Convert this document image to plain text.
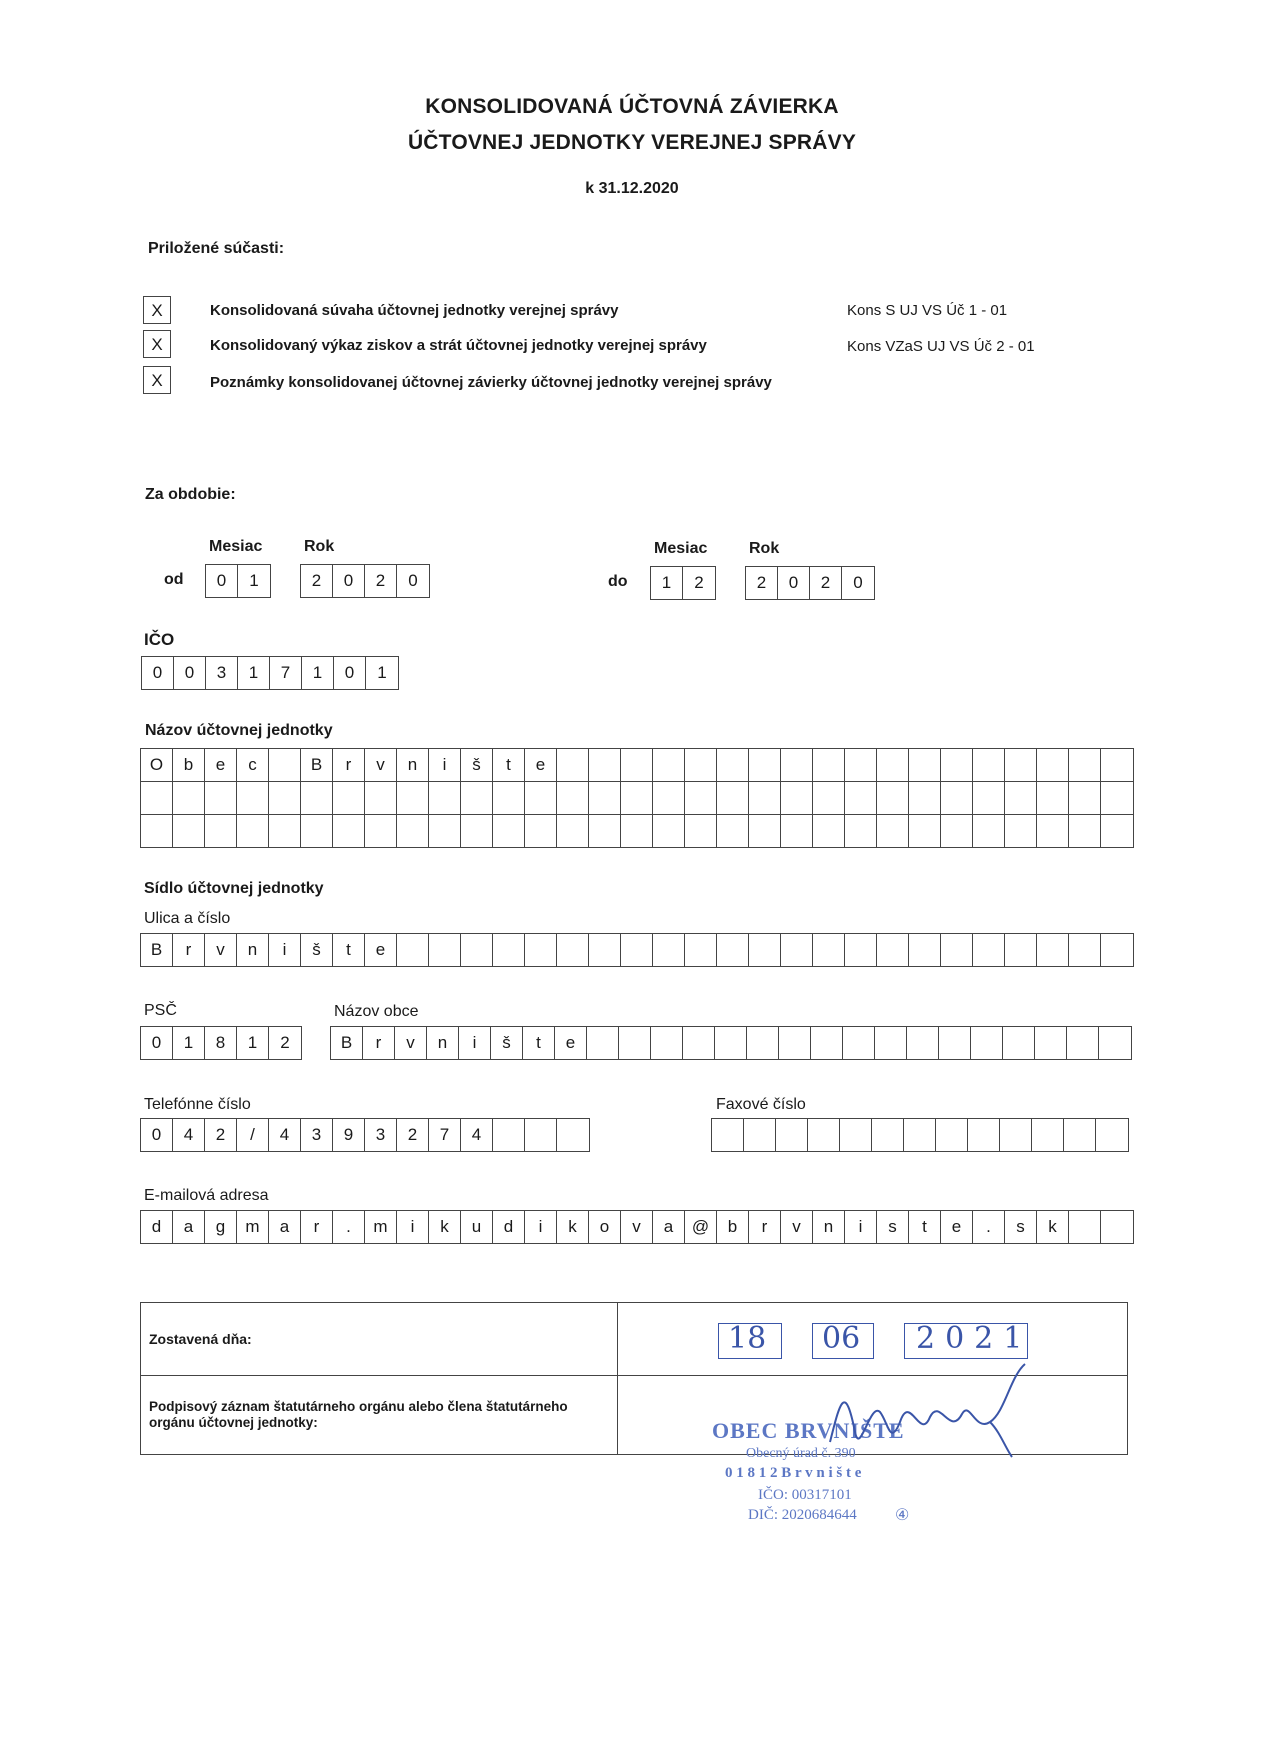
KONSOLIDOVANÁ ÚČTOVNÁ ZÁVIERKA
ÚČTOVNEJ JEDNOTKY VEREJNEJ SPRÁVY
k 31.12.2020
Priložené súčasti:
X	Konsolidovaná súvaha účtovnej jednotky verejnej správy	Kons S UJ VS Úč 1 - 01
X	Konsolidovaný výkaz ziskov a strát účtovnej jednotky verejnej správy	Kons VZaS UJ VS Úč 2 - 01
X	Poznámky konsolidovanej účtovnej závierky účtovnej jednotky verejnej správy
Za obdobie:
Mesiac	Rok
od	0	1	2	0	2	0
Mesiac	Rok
do	1	2	2	0	2	0
IČO
0	0	3	1	7	1	0	1
Názov účtovnej jednotky
O	b	e	c	B	r	v	n	i	š	t	e
Sídlo účtovnej jednotky
Ulica a číslo
B	r	v	n	i	š	t	e
PSČ
0	1	8	1	2
Názov obce
B	r	v	n	i	š	t	e
Telefónne číslo
0	4	2	/	4	3	9	3	2	7	4
Faxové číslo
E-mailová adresa
d	a	g	m	a	r	.	m	i	k	u	d	i	k	o	v	a	@	b	r	v	n	i	s	t	e	.	s	k
Zostavená dňa:	18 06 2021
Podpisový záznam štatutárneho orgánu alebo člena štatutárneho orgánu účtovnej jednotky:	OBEC BRVNIŠTE
Obecný úrad č. 390
0 1 8 1 2 B r v n i š t e
IČO: 00317101
DIČ: 2020684644 ④
